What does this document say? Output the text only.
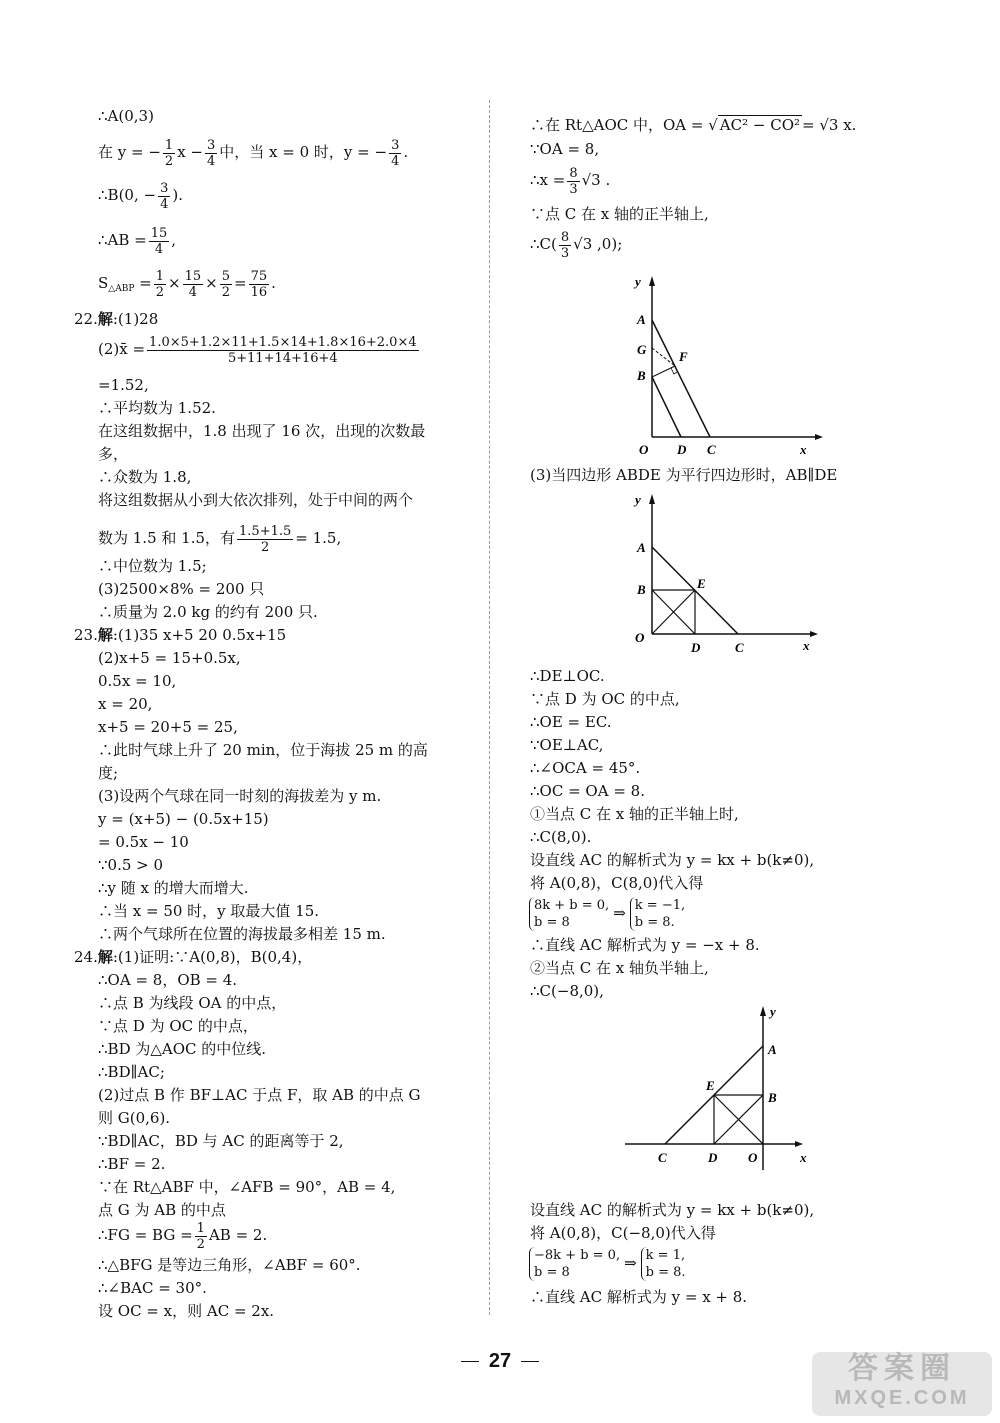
∴A(0,3)
在 y = − $\frac{1}{2}$ $x - \frac{3}{4}$ 中，当 x = 0 时，y = − $\frac{3}{4}$ .
∴B(0, − $\frac{3}{4}$ ).
∴AB = $\frac{15}{4}$ ,
$S_{\triangle ABP} = \frac{1}{2} \times \frac{15}{4} \times \frac{5}{2} = \frac{75}{16}$ .
22.解:(1)28
(2)x̄ = $\frac{1.0\times 5+1.2\times 11+1.5\times 14+1.8\times 16+2.0\times 4}{5+11+14+16+4}$
=1.52,
∴平均数为 1.52.
在这组数据中，1.8 出现了 16 次，出现的次数最
多，
∴众数为 1.8,
将这组数据从小到大依次排列，处于中间的两个
数为 1.5 和 1.5，有 $\frac{1.5+1.5}{2} = 1.5$,
∴中位数为 1.5;
(3)2500×8% = 200 只
∴质量为 2.0 kg 的约有 200 只.
23.解:(1)35 x+5 20 0.5x+15
(2)x+5 = 15+0.5x,
0.5x = 10,
x = 20,
x+5 = 20+5 = 25,
∴此时气球上升了 20 min，位于海拔 25 m 的高
度;
(3)设两个气球在同一时刻的海拔差为 y m.
y = (x+5) − (0.5x+15)
= 0.5x − 10
∵0.5 > 0
∴y 随 x 的增大而增大.
∴当 x = 50 时，y 取最大值 15.
∴两个气球所在位置的海拔最多相差 15 m.
24.解:(1)证明:∵A(0,8)，B(0,4)，
∴OA = 8，OB = 4.
∴点 B 为线段 OA 的中点，
∵点 D 为 OC 的中点，
∴BD 为△AOC 的中位线.
∴BD∥AC;
(2)过点 B 作 BF⊥AC 于点 F，取 AB 的中点 G
则 G(0,6).
∵BD∥AC，BD 与 AC 的距离等于 2,
∴BF = 2.
∵在 Rt△ABF 中，∠AFB = 90°，AB = 4,
点 G 为 AB 的中点
∴FG = BG = $\frac{1}{2}$ AB = 2.
∴△BFG 是等边三角形，∠ABF = 60°.
∴∠BAC = 30°.
设 OC = x，则 AC = 2x.
∴在 Rt△AOC 中，OA = √ AC² − CO² = √3 x.
∵OA = 8,
∴x = $\frac{8}{3} √3$ .
∵点 C 在 x 轴的正半轴上,
∴C( $\frac{8}{3} √3$ ,0);
y
A
G	F
B
O D C	x
(3)当四边形 ABDE 为平行四边形时，AB∥DE
y
A
B	E
O
D	C	x
∴DE⊥OC.
∵点 D 为 OC 的中点,
∴OE = EC.
∵OE⊥AC,
∴∠OCA = 45°.
∴OC = OA = 8.
①当点 C 在 x 轴的正半轴上时,
∴C(8,0).
设直线 AC 的解析式为 y = kx + b(k≠0),
将 A(0,8)，C(8,0)代入得
8k + b = 0,
b = 8
⇒ k = −1,
b = 8.
∴直线 AC 解析式为 y = −x + 8.
②当点 C 在 x 轴负半轴上,
∴C(−8,0),
y
A
E
B
C	D O	x
设直线 AC 的解析式为 y = kx + b(k≠0),
将 A(0,8)，C(−8,0)代入得
−8k + b = 0,
b = 8
⇒ k = 1,
b = 8.
∴直线 AC 解析式为 y = x + 8.
27	答案圈
MXQE.COM
